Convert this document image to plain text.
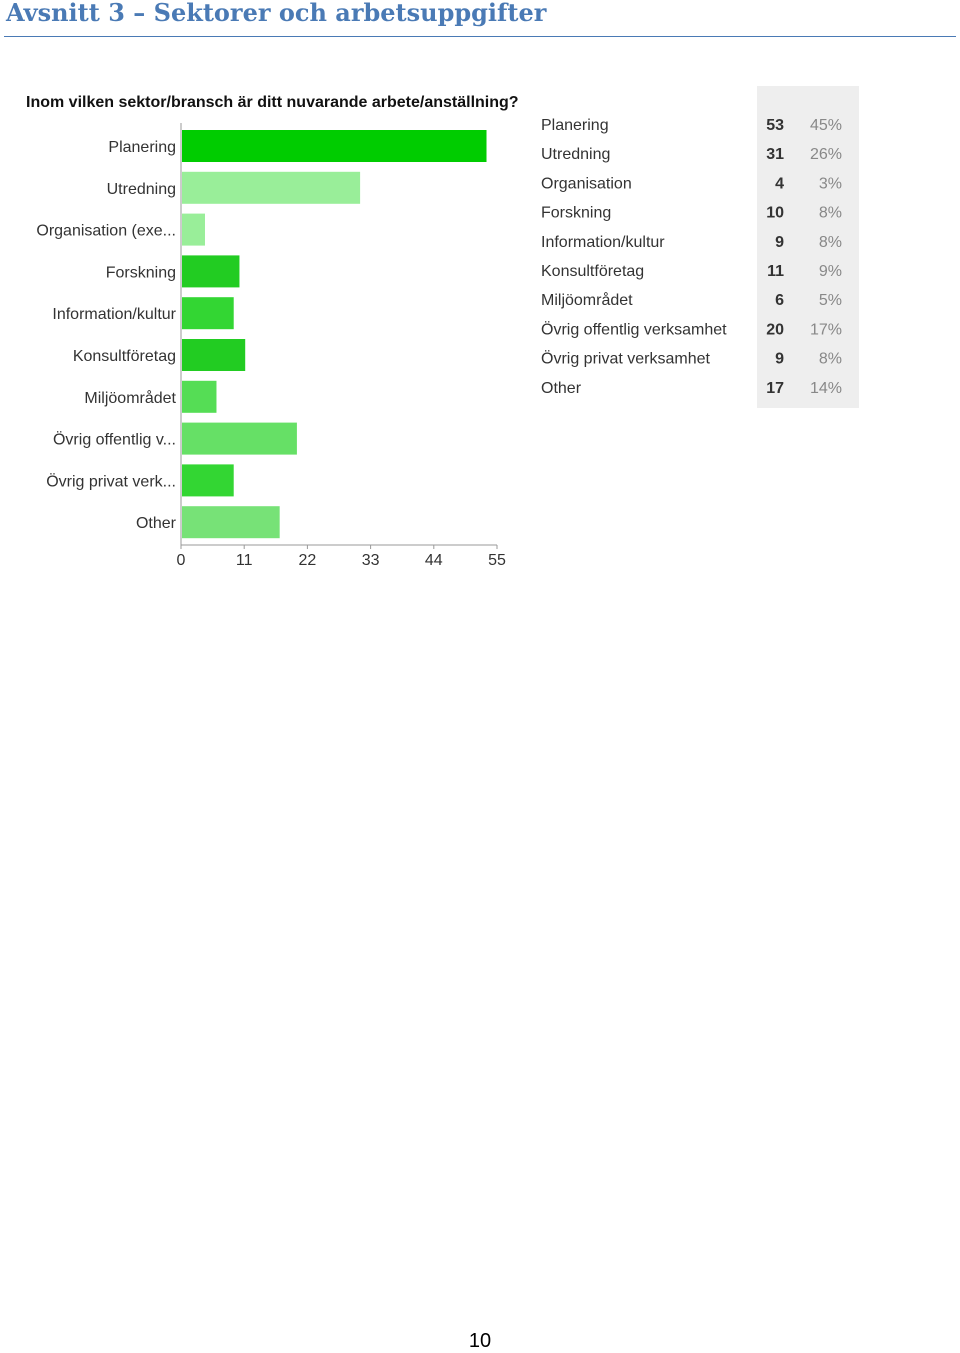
Avsnitt 3 – Sektorer och arbetsuppgifter
Inom vilken sektor/bransch är ditt nuvarande arbete/anställning?
Planering
Utredning
Organisation (exe...
Forskning
Information/kultur
Konsultföretag
Miljöområdet
Övrig offentlig v...
Övrig privat verk...
Other
0	11	22	33	44	55
Planering	53 45%
Utredning	31 26%
Organisation	4 3%
Forskning	10 8%
Information/kultur	9 8%
Konsultföretag	11 9%
Miljöområdet	6 5%
Övrig offentlig verksamhet 20 17%
Övrig privat verksamhet	9 8%
Other	17 14%
10
